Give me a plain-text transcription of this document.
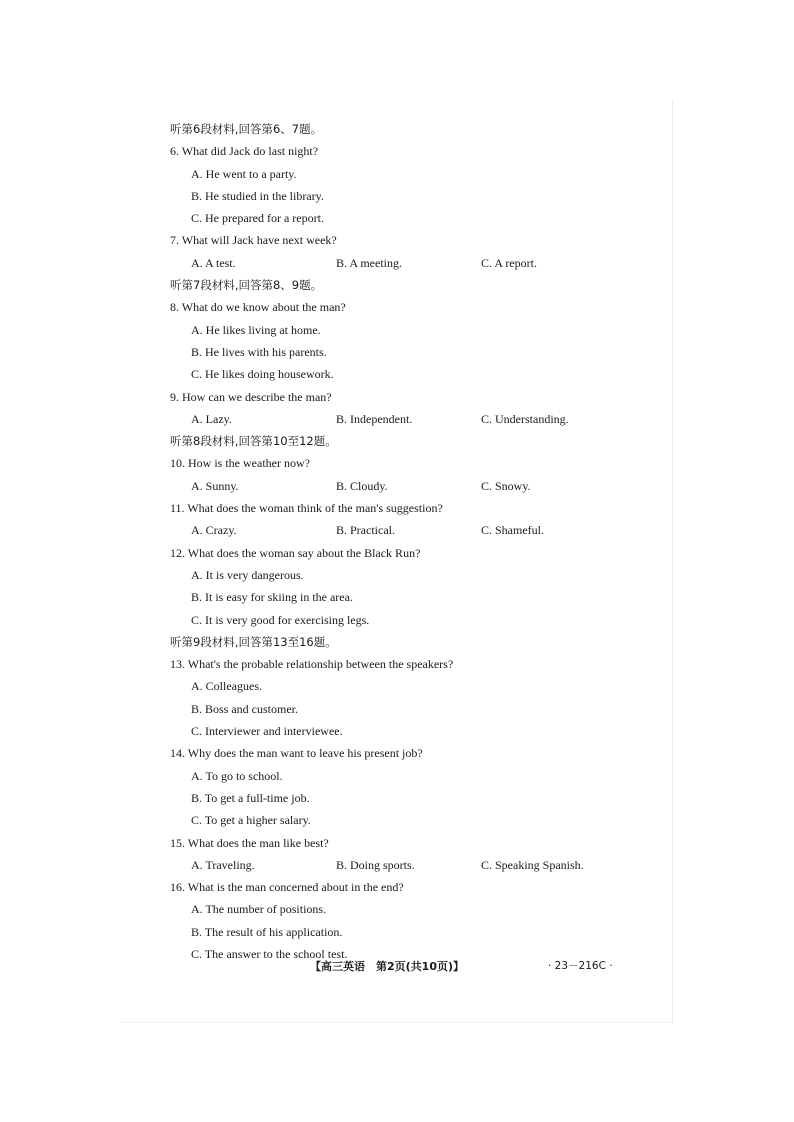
听第6段材料,回答第6、7题。
6. What did Jack do last night?
A. He went to a party.
B. He studied in the library.
C. He prepared for a report.
7. What will Jack have next week?
A. A test.	B. A meeting.	C. A report.
听第7段材料,回答第8、9题。
8. What do we know about the man?
A. He likes living at home.
B. He lives with his parents.
C. He likes doing housework.
9. How can we describe the man?
A. Lazy.	B. Independent.	C. Understanding.
听第8段材料,回答第10至12题。
10. How is the weather now?
A. Sunny.	B. Cloudy.	C. Snowy.
11. What does the woman think of the man's suggestion?
A. Crazy.	B. Practical.	C. Shameful.
12. What does the woman say about the Black Run?
A. It is very dangerous.
B. It is easy for skiing in the area.
C. It is very good for exercising legs.
听第9段材料,回答第13至16题。
13. What's the probable relationship between the speakers?
A. Colleagues.
B. Boss and customer.
C. Interviewer and interviewee.
14. Why does the man want to leave his present job?
A. To go to school.
B. To get a full-time job.
C. To get a higher salary.
15. What does the man like best?
A. Traveling.	B. Doing sports.	C. Speaking Spanish.
16. What is the man concerned about in the end?
A. The number of positions.
B. The result of his application.
C. The answer to the school test.
【高三英语　第2页(共10页)】	· 23－216C ·
